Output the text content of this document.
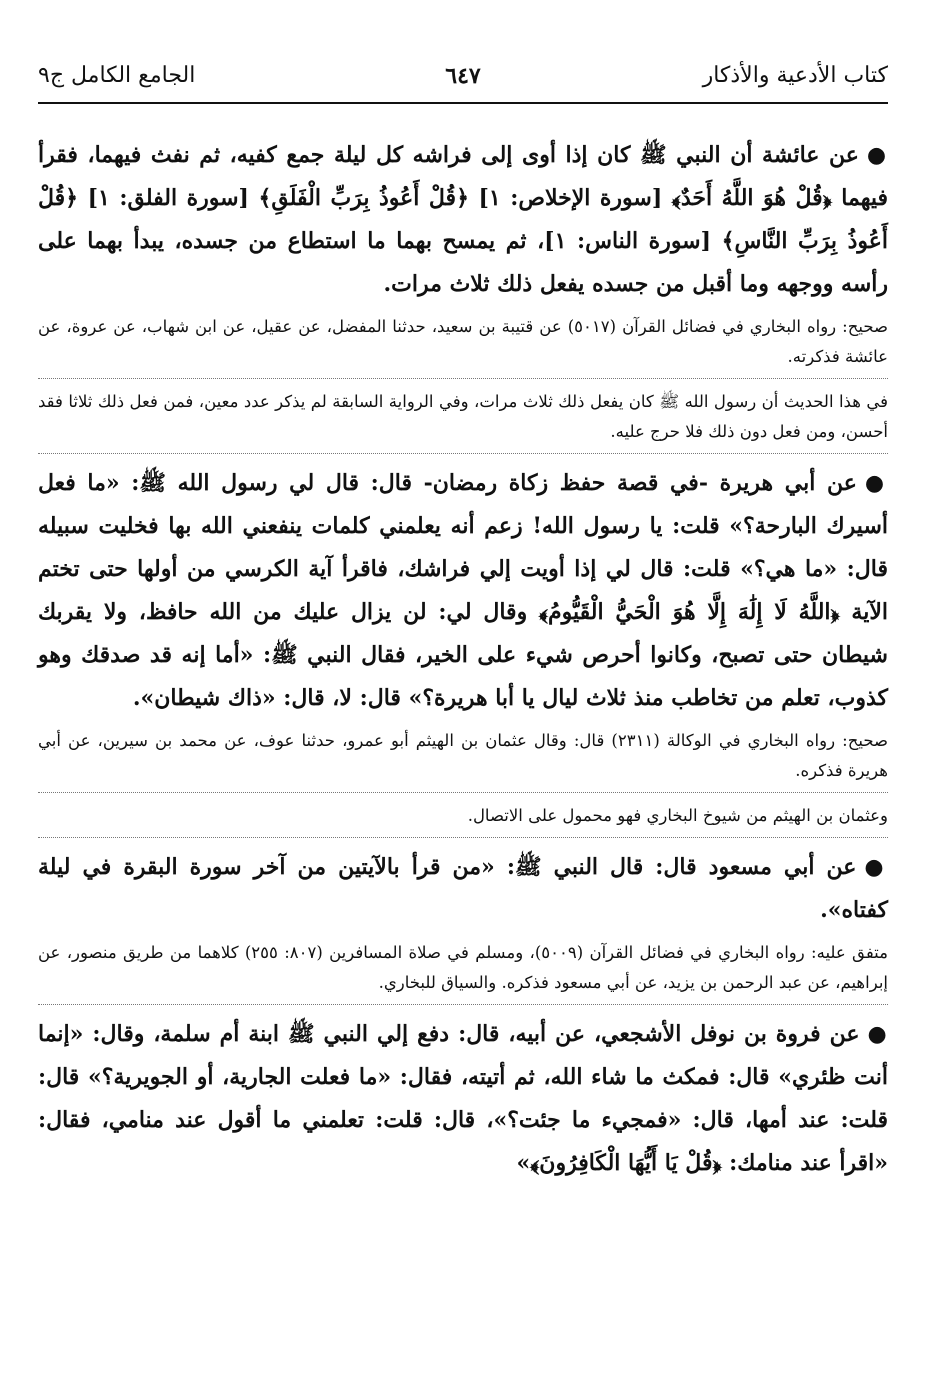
كتاب الأدعية والأذكار
٦٤٧
الجامع الكامل ج٩

●عن عائشة أن النبي ﷺ كان إذا أوى إلى فراشه كل ليلة جمع كفيه، ثم نفث فيهما، فقرأ فيهما ﴿قُلْ هُوَ اللَّهُ أَحَدٌ﴾ [سورة الإخلاص: ١] ﴿قُلْ أَعُوذُ بِرَبِّ الْفَلَقِ﴾ [سورة الفلق: ١] ﴿قُلْ أَعُوذُ بِرَبِّ النَّاسِ﴾ [سورة الناس: ١]، ثم يمسح بهما ما استطاع من جسده، يبدأ بهما على رأسه ووجهه وما أقبل من جسده يفعل ذلك ثلاث مرات.

صحيح: رواه البخاري في فضائل القرآن (٥٠١٧) عن قتيبة بن سعيد، حدثنا المفضل، عن عقيل، عن ابن شهاب، عن عروة، عن عائشة فذكرته.

في هذا الحديث أن رسول الله ﷺ كان يفعل ذلك ثلاث مرات، وفي الرواية السابقة لم يذكر عدد معين، فمن فعل ذلك ثلاثا فقد أحسن، ومن فعل دون ذلك فلا حرج عليه.

●عن أبي هريرة -في قصة حفظ زكاة رمضان- قال: قال لي رسول الله ﷺ: «ما فعل أسيرك البارحة؟» قلت: يا رسول الله! زعم أنه يعلمني كلمات ينفعني الله بها فخليت سبيله قال: «ما هي؟» قلت: قال لي إذا أويت إلي فراشك، فاقرأ آية الكرسي من أولها حتى تختم الآية ﴿اللَّهُ لَا إِلَٰهَ إِلَّا هُوَ الْحَيُّ الْقَيُّومُ﴾ وقال لي: لن يزال عليك من الله حافظ، ولا يقربك شيطان حتى تصبح، وكانوا أحرص شيء على الخير، فقال النبي ﷺ: «أما إنه قد صدقك وهو كذوب، تعلم من تخاطب منذ ثلاث ليال يا أبا هريرة؟» قال: لا، قال: «ذاك شيطان».

صحيح: رواه البخاري في الوكالة (٢٣١١) قال: وقال عثمان بن الهيثم أبو عمرو، حدثنا عوف، عن محمد بن سيرين، عن أبي هريرة فذكره.

وعثمان بن الهيثم من شيوخ البخاري فهو محمول على الاتصال.

●عن أبي مسعود قال: قال النبي ﷺ: «من قرأ بالآيتين من آخر سورة البقرة في ليلة كفتاه».

متفق عليه: رواه البخاري في فضائل القرآن (٥٠٠٩)، ومسلم في صلاة المسافرين (٨٠٧: ٢٥٥) كلاهما من طريق منصور، عن إبراهيم، عن عبد الرحمن بن يزيد، عن أبي مسعود فذكره. والسياق للبخاري.

●عن فروة بن نوفل الأشجعي، عن أبيه، قال: دفع إلي النبي ﷺ ابنة أم سلمة، وقال: «إنما أنت ظئري» قال: فمكث ما شاء الله، ثم أتيته، فقال: «ما فعلت الجارية، أو الجويرية؟» قال: قلت: عند أمها، قال: «فمجيء ما جئت؟»، قال: قلت: تعلمني ما أقول عند منامي، فقال: «اقرأ عند منامك: ﴿قُلْ يَا أَيُّهَا الْكَافِرُونَ﴾»
